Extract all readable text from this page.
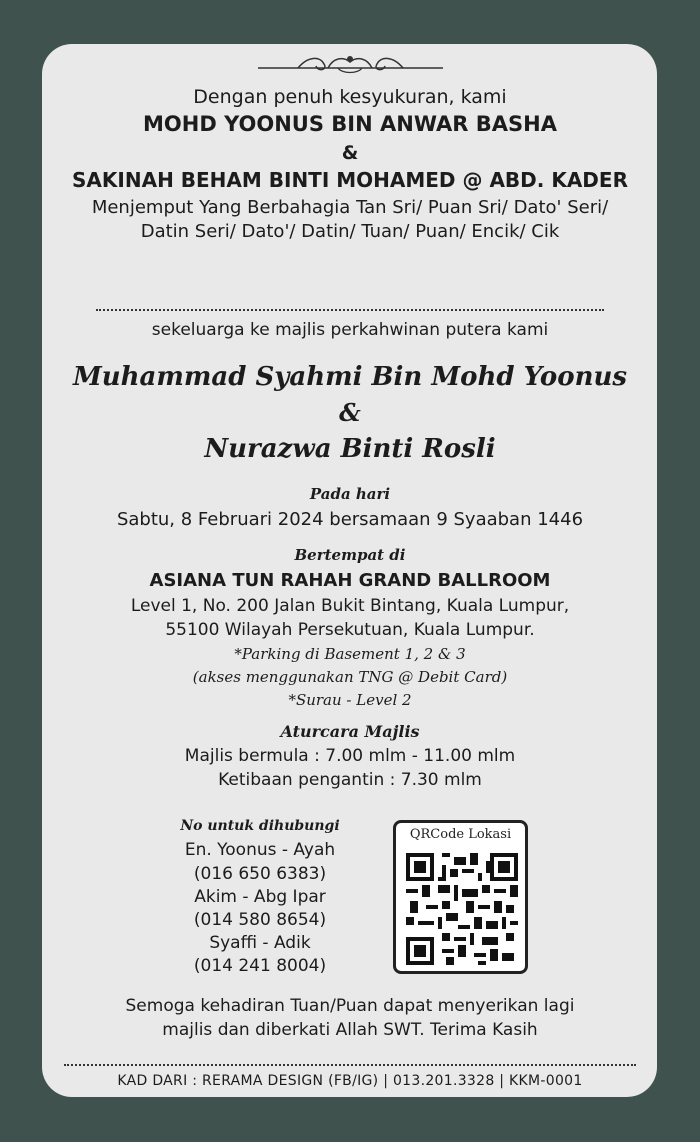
Dengan penuh kesyukuran, kami
MOHD YOONUS BIN ANWAR BASHA
&
SAKINAH BEHAM BINTI MOHAMED @ ABD. KADER
Menjemput Yang Berbahagia Tan Sri/ Puan Sri/ Dato' Seri/
Datin Seri/ Dato'/ Datin/ Tuan/ Puan/ Encik/ Cik
sekeluarga ke majlis perkahwinan putera kami
Muhammad Syahmi Bin Mohd Yoonus
&
Nurazwa Binti Rosli
Pada hari
Sabtu, 8 Februari 2024 bersamaan 9 Syaaban 1446
Bertempat di
ASIANA TUN RAHAH GRAND BALLROOM
Level 1, No. 200 Jalan Bukit Bintang, Kuala Lumpur,
55100 Wilayah Persekutuan, Kuala Lumpur.
*Parking di Basement 1, 2 & 3
(akses menggunakan TNG @ Debit Card)
*Surau - Level 2
Aturcara Majlis
Majlis bermula : 7.00 mlm - 11.00 mlm
Ketibaan pengantin : 7.30 mlm
No untuk dihubungi
En. Yoonus - Ayah
(016 650 6383)
Akim - Abg Ipar
(014 580 8654)
Syaffi - Adik
(014 241 8004)
QRCode Lokasi
Semoga kehadiran Tuan/Puan dapat menyerikan lagi
majlis dan diberkati Allah SWT. Terima Kasih
KAD DARI : RERAMA DESIGN (FB/IG) | 013.201.3328 | KKM-0001
